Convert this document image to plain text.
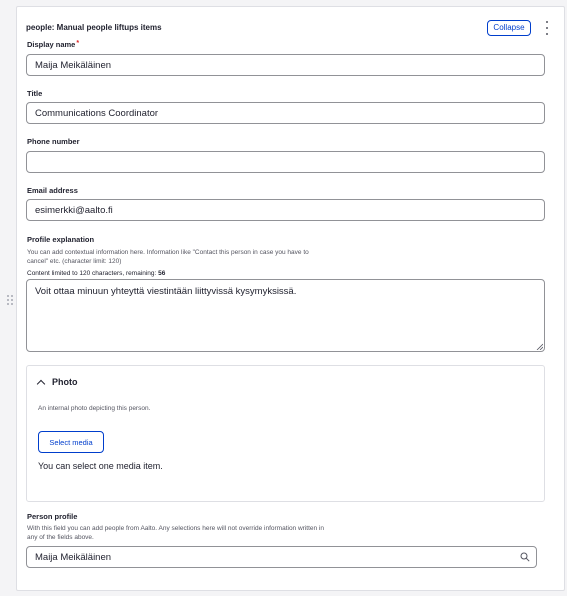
people: Manual people liftups items	Collapse
Display name*
Maija Meikäläinen
Title
Communications Coordinator
Phone number
Email address
esimerkki@aalto.fi
Profile explanation
You can add contextual information here. Information like "Contact this person in case you have to
cancel" etc. (character limit: 120)
Content limited to 120 characters, remaining: 56
Voit ottaa minuun yhteyttä viestintään liittyvissä kysymyksissä.
Photo
An internal photo depicting this person.
Select media
You can select one media item.
Person profile
With this field you can add people from Aalto. Any selections here will not override information written in
any of the fields above.
Maija Meikäläinen
